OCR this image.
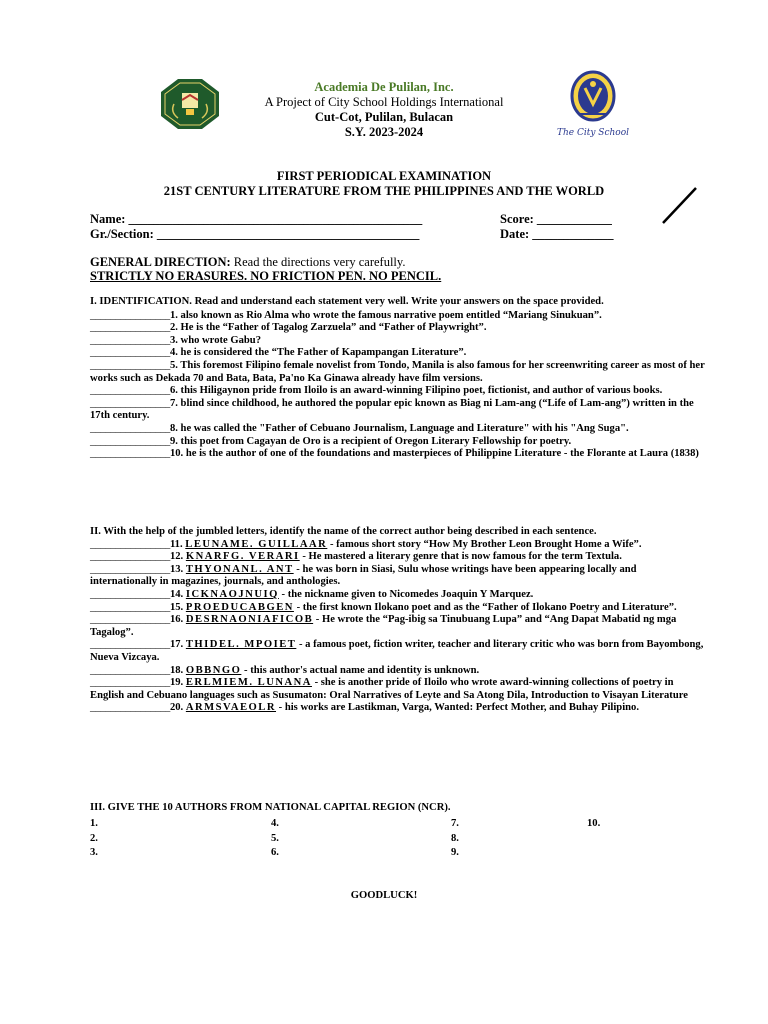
The City School
Academia De Pulilan, Inc.
A Project of City School Holdings International
Cut-Cot, Pulilan, Bulacan
S.Y. 2023-2024
FIRST PERIODICAL EXAMINATION
21ST CENTURY LITERATURE FROM THE PHILIPPINES AND THE WORLD
Name: _______________________________________________	Score: ____________
Gr./Section: __________________________________________	Date: _____________
GENERAL DIRECTION: Read the directions very carefully.
STRICTLY NO ERASURES. NO FRICTION PEN. NO PENCIL.
I. IDENTIFICATION. Read and understand each statement very well. Write your answers on the space provided.
________________1. also known as Rio Alma who wrote the famous narrative poem entitled “Mariang Sinukuan”.
________________2. He is the “Father of Tagalog Zarzuela” and “Father of Playwright”.
________________3. who wrote Gabu?
________________4. he is considered the “The Father of Kapampangan Literature”.
________________5. This foremost Filipino female novelist from Tondo, Manila is also famous for her screenwriting career as most of her works such as Dekada 70 and Bata, Bata, Pa'no Ka Ginawa already have film versions.
________________6. this Hiligaynon pride from Iloilo is an award-winning Filipino poet, fictionist, and author of various books.
________________7. blind since childhood, he authored the popular epic known as Biag ni Lam-ang (“Life of Lam-ang”) written in the 17th century.
________________8. he was called the "Father of Cebuano Journalism, Language and Literature" with his "Ang Suga".
________________9. this poet from Cagayan de Oro is a recipient of Oregon Literary Fellowship for poetry.
________________10. he is the author of one of the foundations and masterpieces of Philippine Literature - the Florante at Laura (1838)
II. With the help of the jumbled letters, identify the name of the correct author being described in each sentence.
________________11. LEUNAME. GUILLAAR - famous short story “How My Brother Leon Brought Home a Wife”.
________________12. KNARFG. VERARI - He mastered a literary genre that is now famous for the term Textula.
________________13. THYONANL. ANT - he was born in Siasi, Sulu whose writings have been appearing locally and internationally in magazines, journals, and anthologies.
________________14. ICKNAOJNUIQ - the nickname given to Nicomedes Joaquin Y Marquez.
________________15. PROEDUCABGEN - the first known Ilokano poet and as the “Father of Ilokano Poetry and Literature”.
________________16. DESRNAONIAFICOB - He wrote the “Pag-ibig sa Tinubuang Lupa” and “Ang Dapat Mabatid ng mga Tagalog”.
________________17. THIDEL. MPOIET - a famous poet, fiction writer, teacher and literary critic who was born from Bayombong, Nueva Vizcaya.
________________18. OBBNGO - this author's actual name and identity is unknown.
________________19. ERLMIEM. LUNANA - she is another pride of Iloilo who wrote award-winning collections of poetry in English and Cebuano languages such as Susumaton: Oral Narratives of Leyte and Sa Atong Dila, Introduction to Visayan Literature
________________20. ARMSVAEOLR - his works are Lastikman, Varga, Wanted: Perfect Mother, and Buhay Pilipino.
III. GIVE THE 10 AUTHORS FROM NATIONAL CAPITAL REGION (NCR).
1.
2.
3.
4.
5.
6.
7.
8.
9.
10.
GOODLUCK!
